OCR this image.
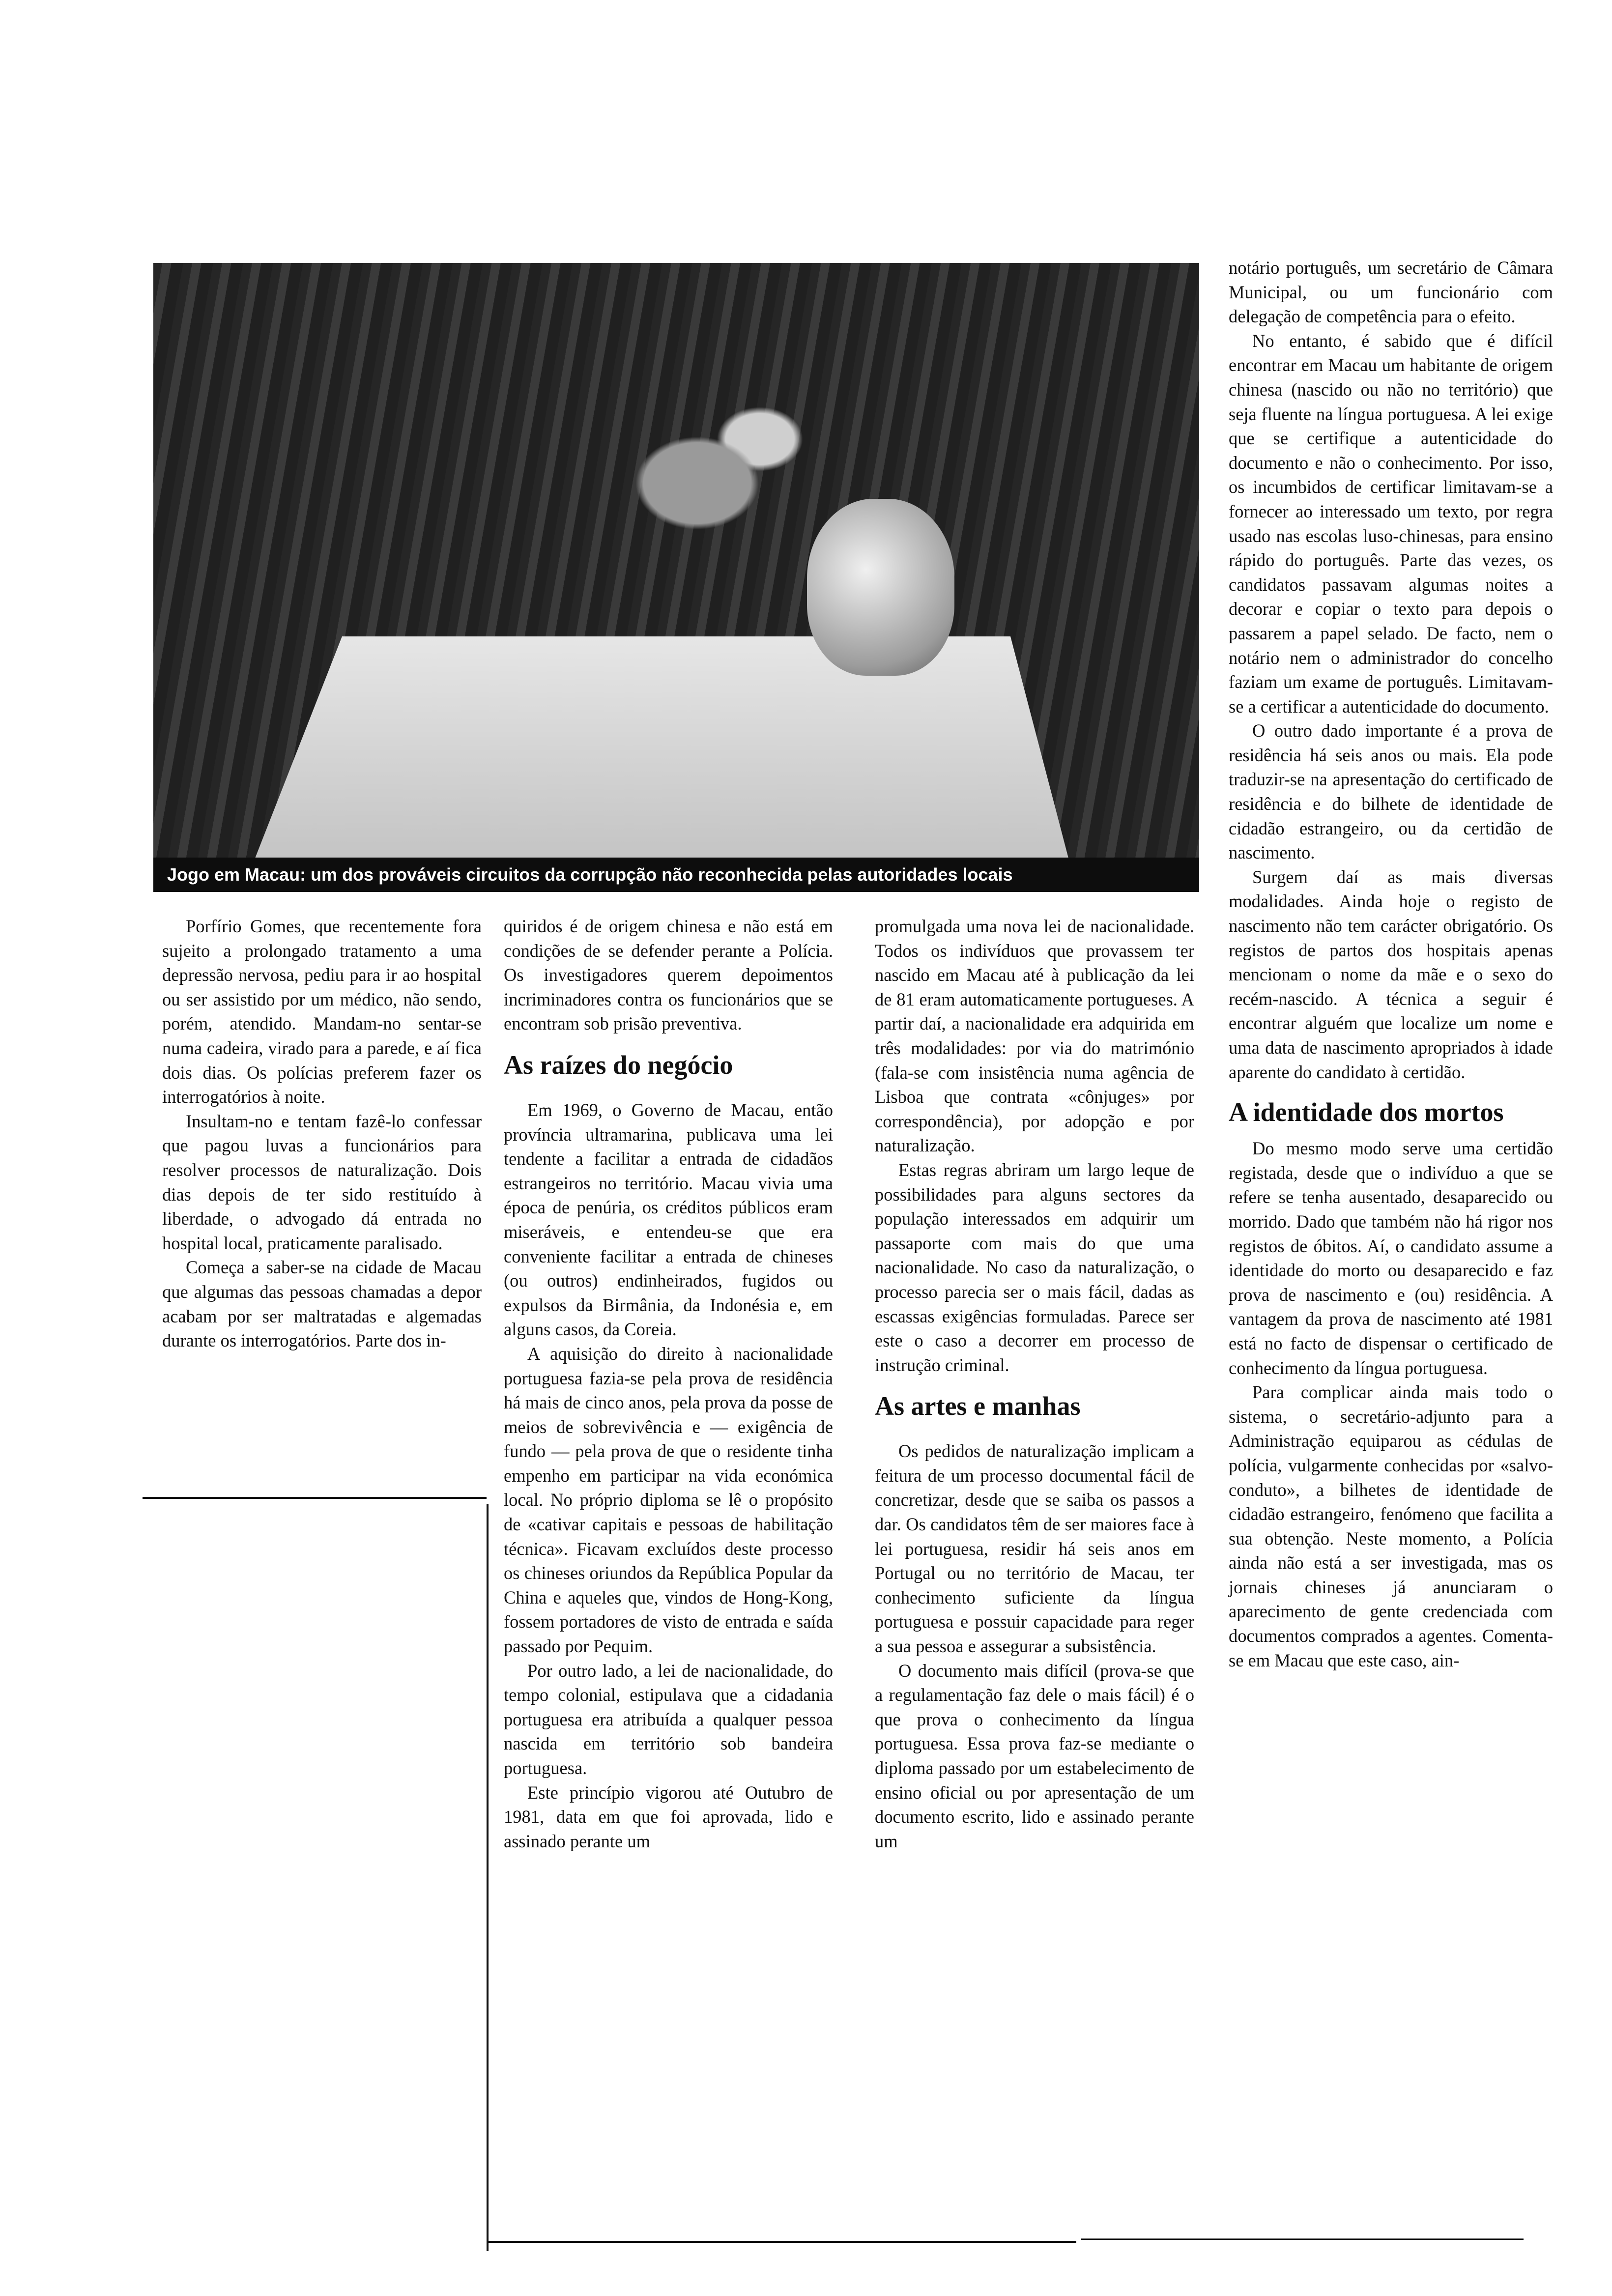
Jogo em Macau: um dos prováveis circuitos da corrupção não reconhecida pelas autoridades locais

Porfírio Gomes, que recentemente fora sujeito a prolongado tratamento a uma depressão nervosa, pediu para ir ao hospital ou ser assistido por um médico, não sendo, porém, atendido. Mandam-no sentar-se numa cadeira, virado para a parede, e aí fica dois dias. Os polícias preferem fazer os interrogatórios à noite.

Insultam-no e tentam fazê-lo confessar que pagou luvas a funcionários para resolver processos de naturalização. Dois dias depois de ter sido restituído à liberdade, o advogado dá entrada no hospital local, praticamente paralisado.

Começa a saber-se na cidade de Macau que algumas das pessoas chamadas a depor acabam por ser maltratadas e algemadas durante os interrogatórios. Parte dos in-

quiridos é de origem chinesa e não está em condições de se defender perante a Polícia. Os investigadores querem depoimentos incriminadores contra os funcionários que se encontram sob prisão preventiva.

As raízes do negócio

Em 1969, o Governo de Macau, então província ultramarina, publicava uma lei tendente a facilitar a entrada de cidadãos estrangeiros no território. Macau vivia uma época de penúria, os créditos públicos eram miseráveis, e entendeu-se que era conveniente facilitar a entrada de chineses (ou outros) endinheirados, fugidos ou expulsos da Birmânia, da Indonésia e, em alguns casos, da Coreia.

A aquisição do direito à nacionalidade portuguesa fazia-se pela prova de residência há mais de cinco anos, pela prova da posse de meios de sobrevivência e — exigência de fundo — pela prova de que o residente tinha empenho em participar na vida económica local. No próprio diploma se lê o propósito de «cativar capitais e pessoas de habilitação técnica». Ficavam excluídos deste processo os chineses oriundos da República Popular da China e aqueles que, vindos de Hong-Kong, fossem portadores de visto de entrada e saída passado por Pequim.

Por outro lado, a lei de nacionalidade, do tempo colonial, estipulava que a cidadania portuguesa era atribuída a qualquer pessoa nascida em território sob bandeira portuguesa.

Este princípio vigorou até Outubro de 1981, data em que foi aprovada, lido e assinado perante um

promulgada uma nova lei de nacionalidade. Todos os indivíduos que provassem ter nascido em Macau até à publicação da lei de 81 eram automaticamente portugueses. A partir daí, a nacionalidade era adquirida em três modalidades: por via do matrimónio (fala-se com insistência numa agência de Lisboa que contrata «cônjuges» por correspondência), por adopção e por naturalização.

Estas regras abriram um largo leque de possibilidades para alguns sectores da população interessados em adquirir um passaporte com mais do que uma nacionalidade. No caso da naturalização, o processo parecia ser o mais fácil, dadas as escassas exigências formuladas. Parece ser este o caso a decorrer em processo de instrução criminal.

As artes e manhas

Os pedidos de naturalização implicam a feitura de um processo documental fácil de concretizar, desde que se saiba os passos a dar. Os candidatos têm de ser maiores face à lei portuguesa, residir há seis anos em Portugal ou no território de Macau, ter conhecimento suficiente da língua portuguesa e possuir capacidade para reger a sua pessoa e assegurar a subsistência.

O documento mais difícil (prova-se que a regulamentação faz dele o mais fácil) é o que prova o conhecimento da língua portuguesa. Essa prova faz-se mediante o diploma passado por um estabelecimento de ensino oficial ou por apresentação de um documento escrito, lido e assinado perante um

notário português, um secretário de Câmara Municipal, ou um funcionário com delegação de competência para o efeito.

No entanto, é sabido que é difícil encontrar em Macau um habitante de origem chinesa (nascido ou não no território) que seja fluente na língua portuguesa. A lei exige que se certifique a autenticidade do documento e não o conhecimento. Por isso, os incumbidos de certificar limitavam-se a fornecer ao interessado um texto, por regra usado nas escolas luso-chinesas, para ensino rápido do português. Parte das vezes, os candidatos passavam algumas noites a decorar e copiar o texto para depois o passarem a papel selado. De facto, nem o notário nem o administrador do concelho faziam um exame de português. Limitavam-se a certificar a autenticidade do documento.

O outro dado importante é a prova de residência há seis anos ou mais. Ela pode traduzir-se na apresentação do certificado de residência e do bilhete de identidade de cidadão estrangeiro, ou da certidão de nascimento.

Surgem daí as mais diversas modalidades. Ainda hoje o registo de nascimento não tem carácter obrigatório. Os registos de partos dos hospitais apenas mencionam o nome da mãe e o sexo do recém-nascido. A técnica a seguir é encontrar alguém que localize um nome e uma data de nascimento apropriados à idade aparente do candidato à certidão.

A identidade dos mortos

Do mesmo modo serve uma certidão registada, desde que o indivíduo a que se refere se tenha ausentado, desaparecido ou morrido. Dado que também não há rigor nos registos de óbitos. Aí, o candidato assume a identidade do morto ou desaparecido e faz prova de nascimento e (ou) residência. A vantagem da prova de nascimento até 1981 está no facto de dispensar o certificado de conhecimento da língua portuguesa.

Para complicar ainda mais todo o sistema, o secretário-adjunto para a Administração equiparou as cédulas de polícia, vulgarmente conhecidas por «salvo-conduto», a bilhetes de identidade de cidadão estrangeiro, fenómeno que facilita a sua obtenção. Neste momento, a Polícia ainda não está a ser investigada, mas os jornais chineses já anunciaram o aparecimento de gente credenciada com documentos comprados a agentes. Comenta-se em Macau que este caso, ain-
